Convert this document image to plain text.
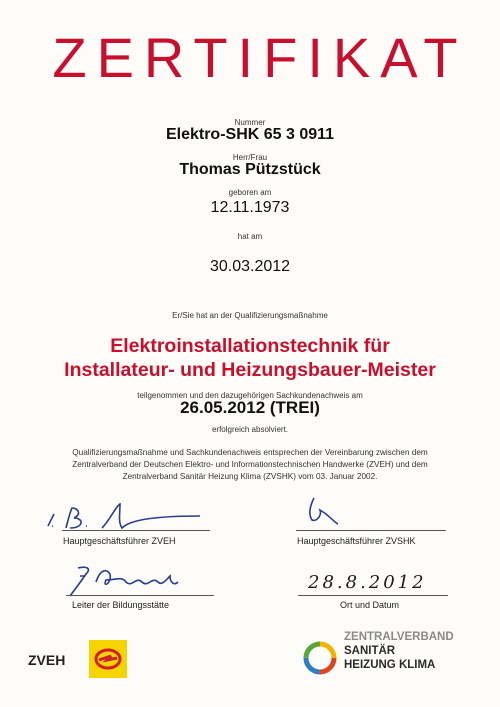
ZERTIFIKAT
Nummer
Elektro-SHK 65 3 0911
Herr/Frau
Thomas Pützstück
geboren am
12.11.1973
hat am
30.03.2012
Er/Sie hat an der Qualifizierungsmaßnahme
Elektroinstallationstechnik für
Installateur- und Heizungsbauer-Meister
teilgenommen und den dazugehörigen Sachkundenachweis am
26.05.2012 (TREI)
erfolgreich absolviert.
Qualifizierungsmaßnahme und Sachkundenachweis entsprechen der Vereinbarung zwischen dem
Zentralverband der Deutschen Elektro- und Informationstechnischen Handwerke (ZVEH) und dem
Zentralverband Sanitär Heizung Klima (ZVSHK) vom 03. Januar 2002.
Hauptgeschäftsführer ZVEH	Hauptgeschäftsführer ZVSHK
Leiter der Bildungsstätte
28.8.2012
Ort und Datum
ZVEH
ZENTRALVERBAND
SANITÄR
HEIZUNG KLIMA
